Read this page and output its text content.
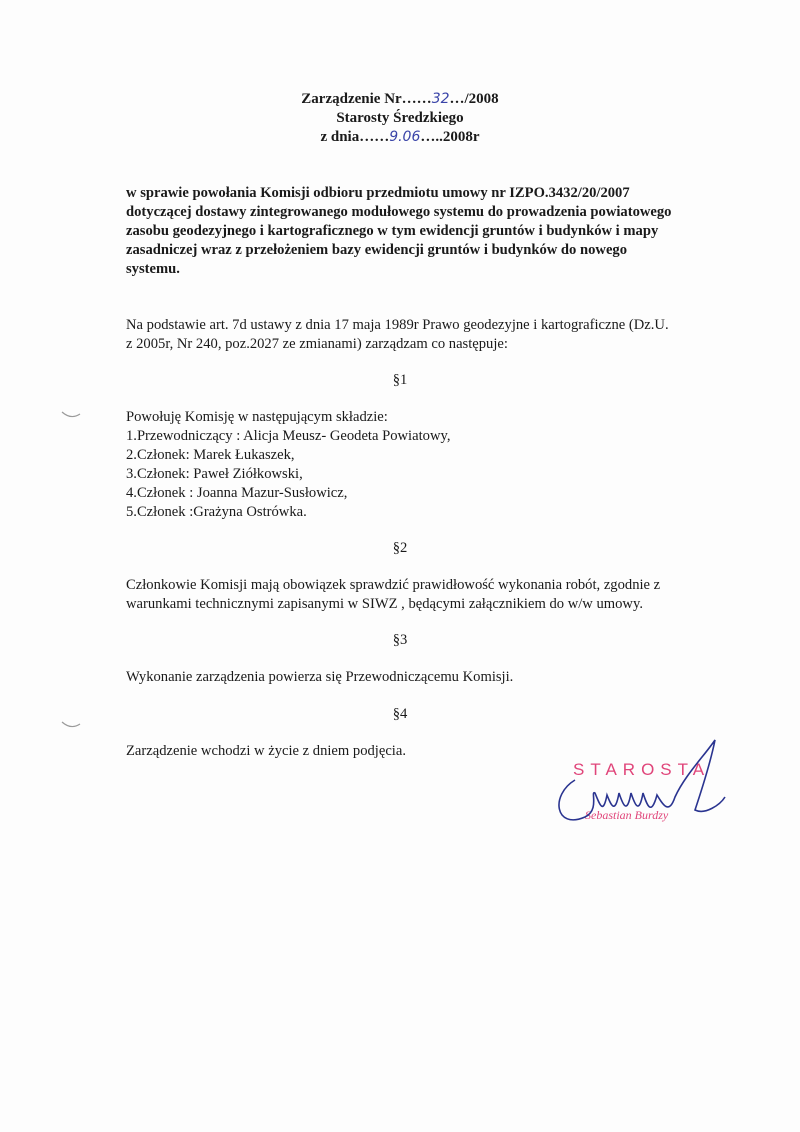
Zarządzenie Nr……32…/2008
Starosty Średzkiego
z dnia……9.06…..2008r
w sprawie powołania Komisji odbioru przedmiotu umowy nr IZPO.3432/20/2007
dotyczącej dostawy zintegrowanego modułowego systemu do prowadzenia powiatowego
zasobu geodezyjnego i kartograficznego w tym ewidencji gruntów i budynków i mapy
zasadniczej wraz z przełożeniem bazy ewidencji gruntów i budynków do nowego
systemu.
Na podstawie art. 7d ustawy z dnia 17 maja 1989r Prawo geodezyjne i kartograficzne (Dz.U.
z 2005r, Nr 240, poz.2027 ze zmianami) zarządzam co następuje:
§1
Powołuję Komisję w następującym składzie:
1.Przewodniczący : Alicja Meusz- Geodeta Powiatowy,
2.Członek: Marek Łukaszek,
3.Członek: Paweł Ziółkowski,
4.Członek : Joanna Mazur-Susłowicz,
5.Członek :Grażyna Ostrówka.
§2
Członkowie Komisji mają obowiązek sprawdzić prawidłowość wykonania robót, zgodnie z
warunkami technicznymi zapisanymi w SIWZ , będącymi załącznikiem do w/w umowy.
§3
Wykonanie zarządzenia powierza się Przewodniczącemu Komisji.
§4
Zarządzenie wchodzi w życie z dniem podjęcia.
STAROSTA
Sebastian Burdzy
